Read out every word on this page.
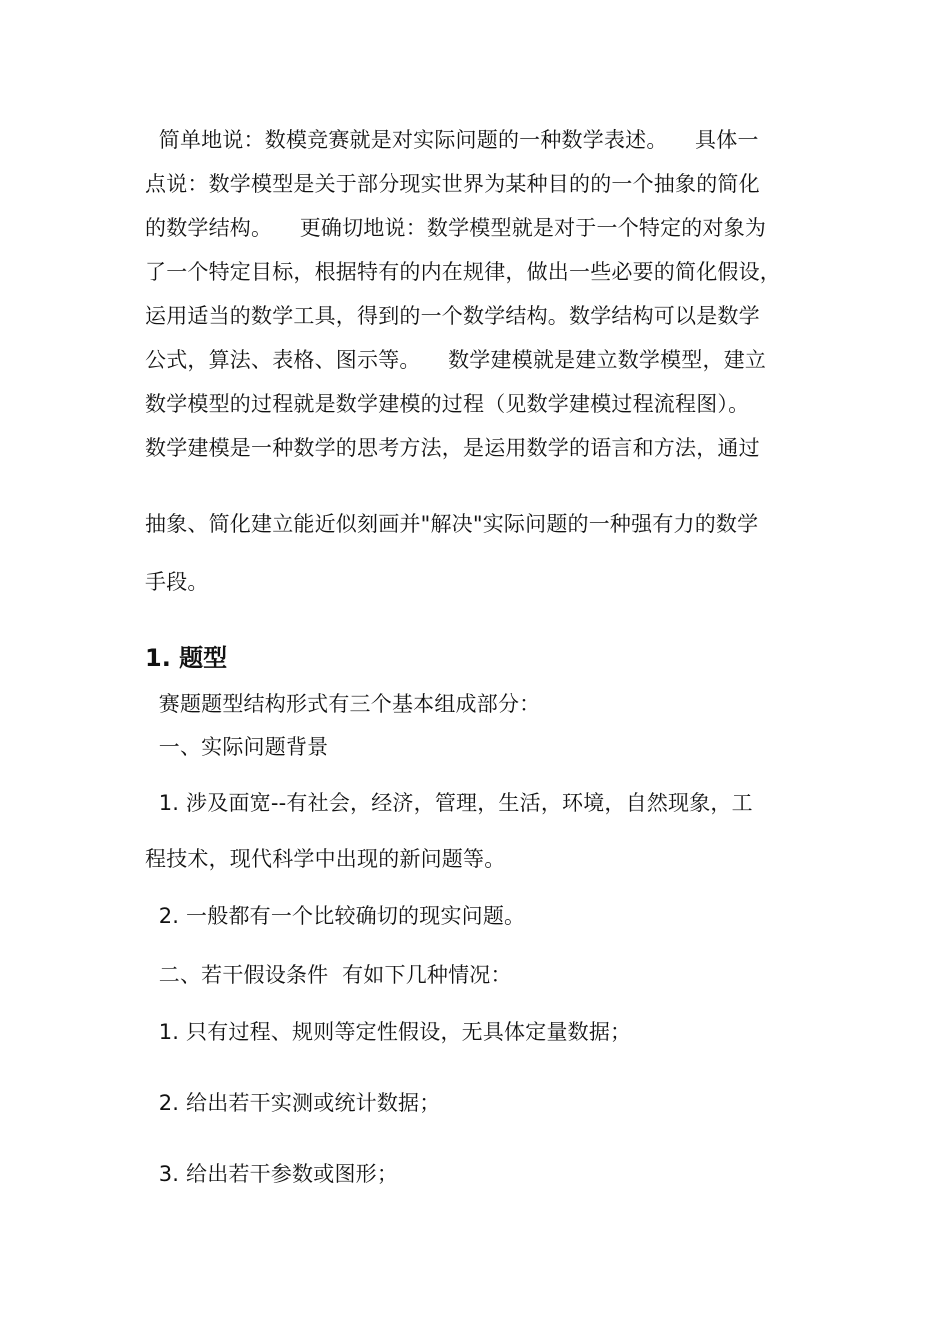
简单地说：数模竞赛就是对实际问题的一种数学表述。    具体一
点说：数学模型是关于部分现实世界为某种目的的一个抽象的简化
的数学结构。    更确切地说：数学模型就是对于一个特定的对象为
了一个特定目标，根据特有的内在规律，做出一些必要的简化假设，
运用适当的数学工具，得到的一个数学结构。数学结构可以是数学
公式，算法、表格、图示等。    数学建模就是建立数学模型，建立
数学模型的过程就是数学建模的过程（见数学建模过程流程图）。
数学建模是一种数学的思考方法，是运用数学的语言和方法，通过
抽象、简化建立能近似刻画并"解决"实际问题的一种强有力的数学
手段。
1. 题型
赛题题型结构形式有三个基本组成部分：
一、实际问题背景
1. 涉及面宽--有社会，经济，管理，生活，环境，自然现象，工
程技术，现代科学中出现的新问题等。
2. 一般都有一个比较确切的现实问题。
二、若干假设条件  有如下几种情况：
1. 只有过程、规则等定性假设，无具体定量数据；
2. 给出若干实测或统计数据；
3. 给出若干参数或图形；
